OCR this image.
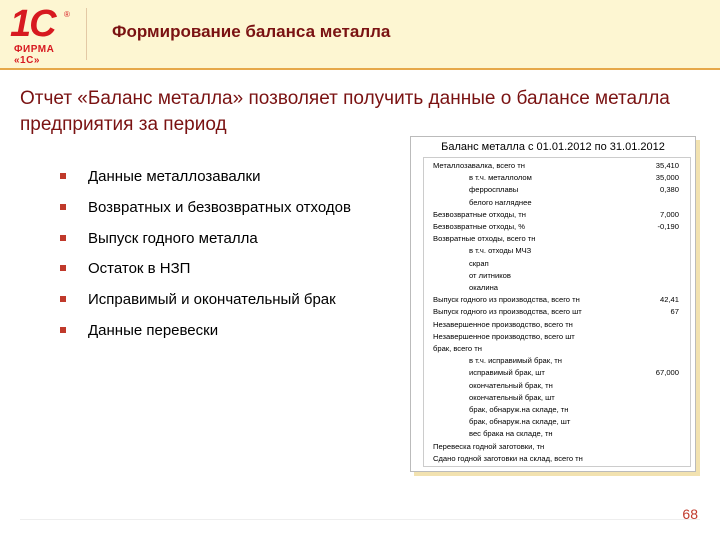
1С ®
ФИРМА «1С»
Формирование баланса металла
Отчет «Баланс металла» позволяет получить данные о балансе металла предприятия за период
Данные металлозавалки
Возвратных и безвозвратных отходов
Выпуск годного металла
Остаток в НЗП
Исправимый и окончательный брак
Данные перевески
Баланс металла с 01.01.2012 по 31.01.2012
Металлозавалка, всего тн	35,410
в т.ч. металлолом	35,000
ферросплавы	0,380
белого нагляднее
Безвозвратные отходы, тн	7,000
Безвозвратные отходы, %	-0,190
Возвратные отходы, всего тн
в т.ч. отходы МЧЗ
скрап
от литников
окалина
Выпуск годного из производства, всего тн	42,41
Выпуск годного из производства, всего шт	67
Незавершенное производство, всего тн
Незавершенное производство, всего шт
брак, всего тн
в т.ч. исправимый брак, тн
исправимый брак, шт	67,000
окончательный брак, тн
окончательный брак, шт
брак, обнаруж.на складе, тн
брак, обнаруж.на складе, шт
вес брака на складе, тн
Перевеска годной заготовки, тн
Сдано годной заготовки на склад, всего тн
68
